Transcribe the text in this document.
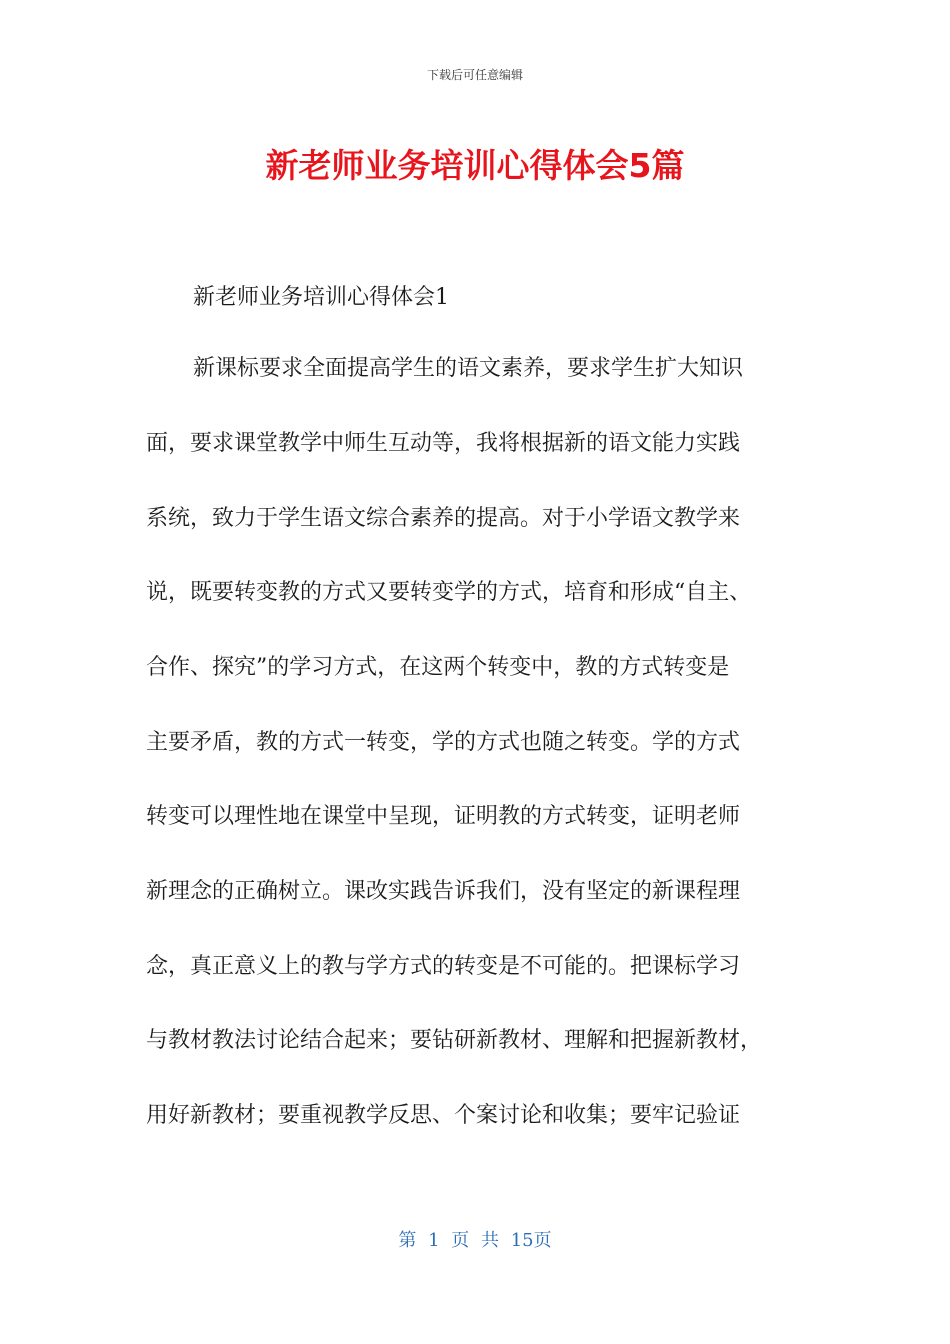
下载后可任意编辑
新老师业务培训心得体会5篇
新老师业务培训心得体会1
新课标要求全面提高学生的语文素养，要求学生扩大知识
面，要求课堂教学中师生互动等，我将根据新的语文能力实践
系统，致力于学生语文综合素养的提高。对于小学语文教学来
说，既要转变教的方式又要转变学的方式，培育和形成“自主、
合作、探究”的学习方式，在这两个转变中，教的方式转变是
主要矛盾，教的方式一转变，学的方式也随之转变。学的方式
转变可以理性地在课堂中呈现，证明教的方式转变，证明老师
新理念的正确树立。课改实践告诉我们，没有坚定的新课程理
念，真正意义上的教与学方式的转变是不可能的。把课标学习
与教材教法讨论结合起来；要钻研新教材、理解和把握新教材，
用好新教材；要重视教学反思、个案讨论和收集；要牢记验证
第 1 页 共 15页
